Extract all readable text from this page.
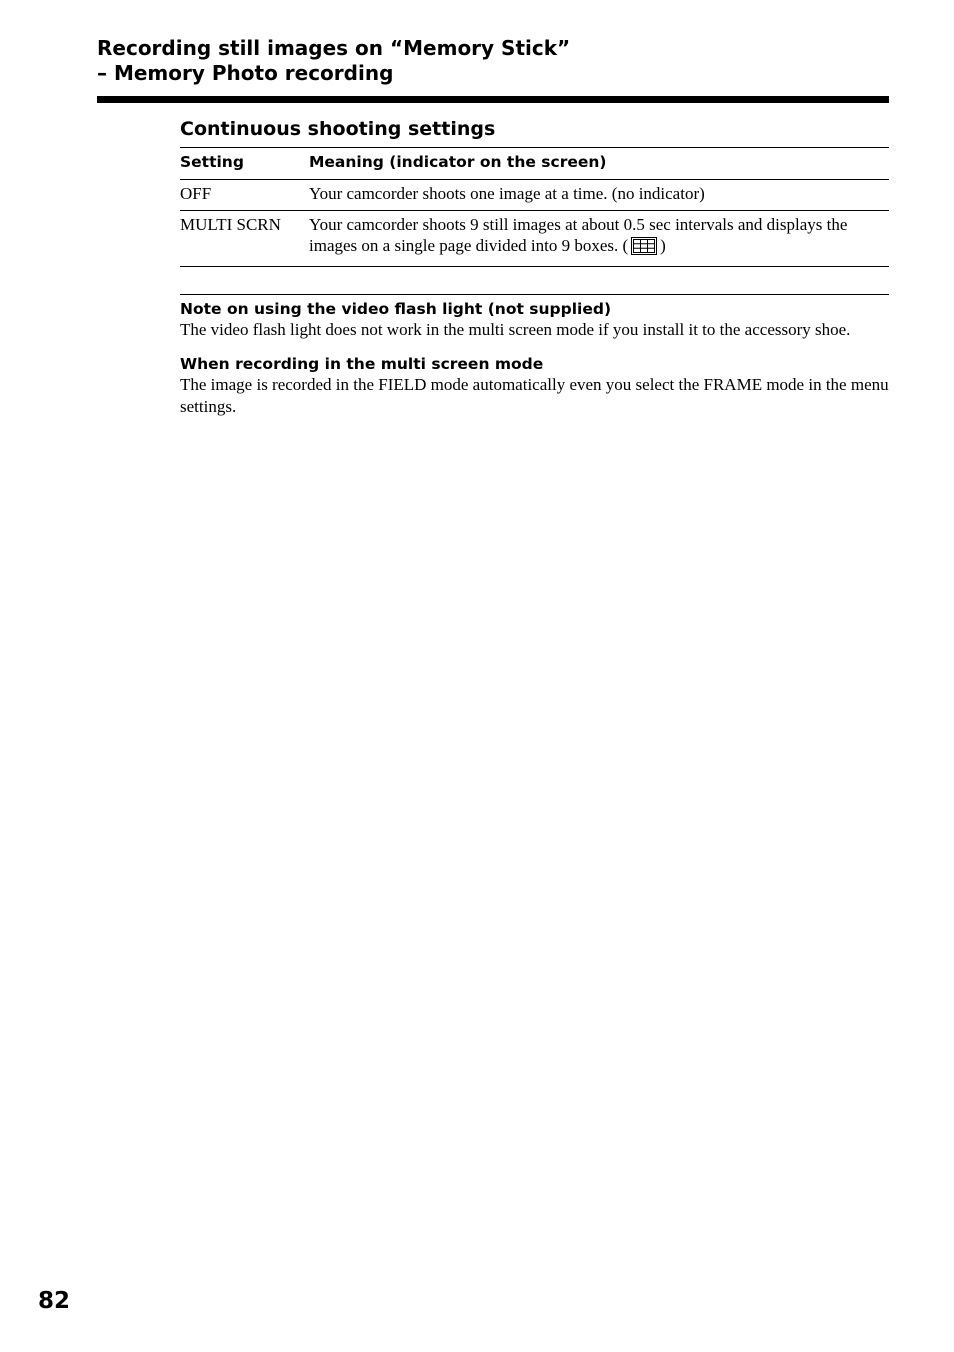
Recording still images on “Memory Stick”
– Memory Photo recording
Continuous shooting settings
Setting	Meaning (indicator on the screen)
OFF	Your camcorder shoots one image at a time. (no indicator)
MULTI SCRN	Your camcorder shoots 9 still images at about 0.5 sec intervals and displays the images on a single page divided into 9 boxes. ( )

Note on using the video flash light (not supplied)

The video flash light does not work in the multi screen mode if you install it to the accessory shoe.

When recording in the multi screen mode

The image is recorded in the FIELD mode automatically even you select the FRAME mode in the menu settings.

82
